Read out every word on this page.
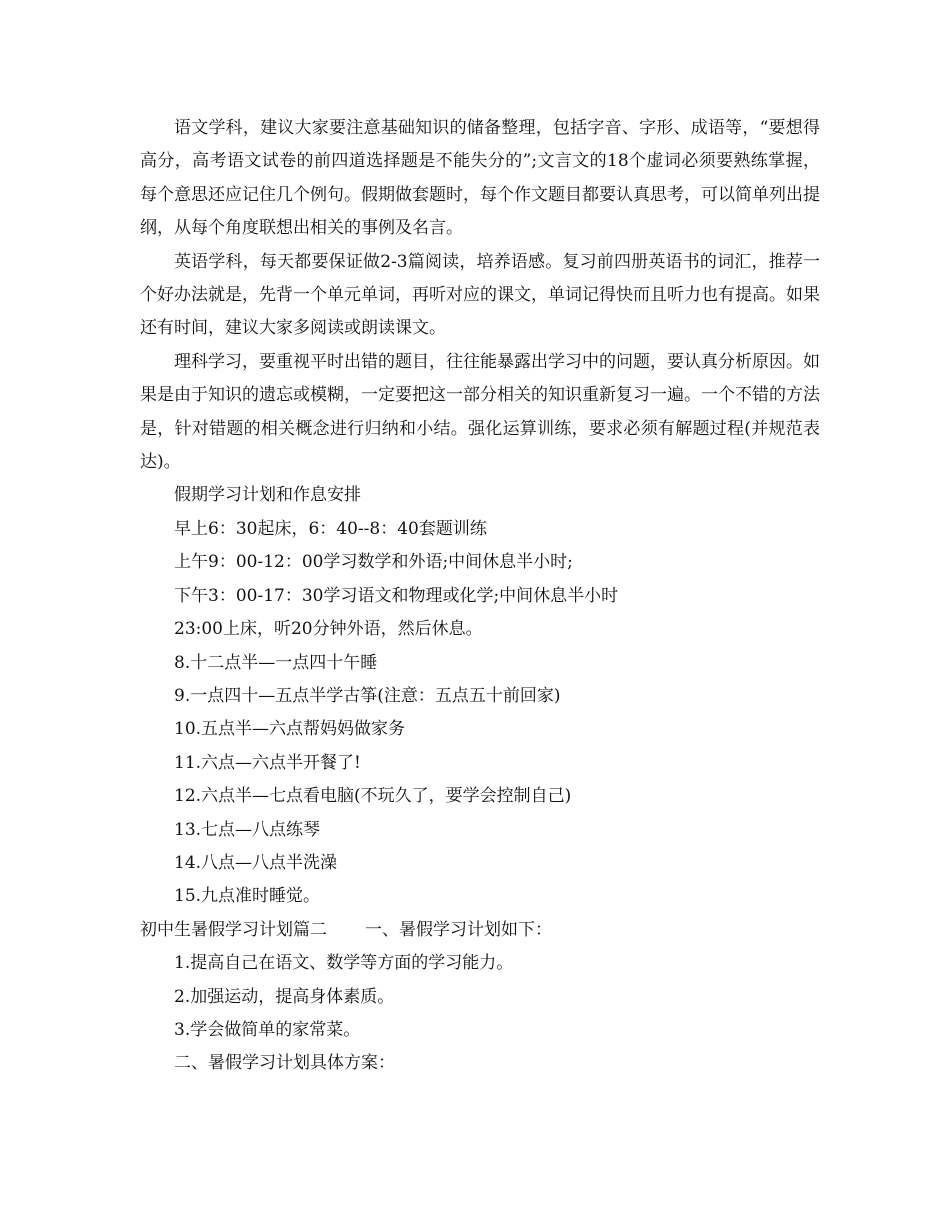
语文学科，建议大家要注意基础知识的储备整理，包括字音、字形、成语等，“要想得高分，高考语文试卷的前四道选择题是不能失分的”;文言文的18个虚词必须要熟练掌握，每个意思还应记住几个例句。假期做套题时，每个作文题目都要认真思考，可以简单列出提纲，从每个角度联想出相关的事例及名言。

英语学科，每天都要保证做2-3篇阅读，培养语感。复习前四册英语书的词汇，推荐一个好办法就是，先背一个单元单词，再听对应的课文，单词记得快而且听力也有提高。如果还有时间，建议大家多阅读或朗读课文。

理科学习，要重视平时出错的题目，往往能暴露出学习中的问题，要认真分析原因。如果是由于知识的遗忘或模糊，一定要把这一部分相关的知识重新复习一遍。一个不错的方法是，针对错题的相关概念进行归纳和小结。强化运算训练，要求必须有解题过程(并规范表达)。

假期学习计划和作息安排

早上6：30起床，6：40--8：40套题训练

上午9：00-12：00学习数学和外语;中间休息半小时;

下午3：00-17：30学习语文和物理或化学;中间休息半小时

23:00上床，听20分钟外语，然后休息。

8.十二点半—一点四十午睡

9.一点四十—五点半学古筝(注意：五点五十前回家)

10.五点半—六点帮妈妈做家务

11.六点—六点半开餐了!

12.六点半—七点看电脑(不玩久了，要学会控制自己)

13.七点—八点练琴

14.八点—八点半洗澡

15.九点准时睡觉。

初中生暑假学习计划篇二 一、暑假学习计划如下：

1.提高自己在语文、数学等方面的学习能力。

2.加强运动，提高身体素质。

3.学会做简单的家常菜。

二、暑假学习计划具体方案：
